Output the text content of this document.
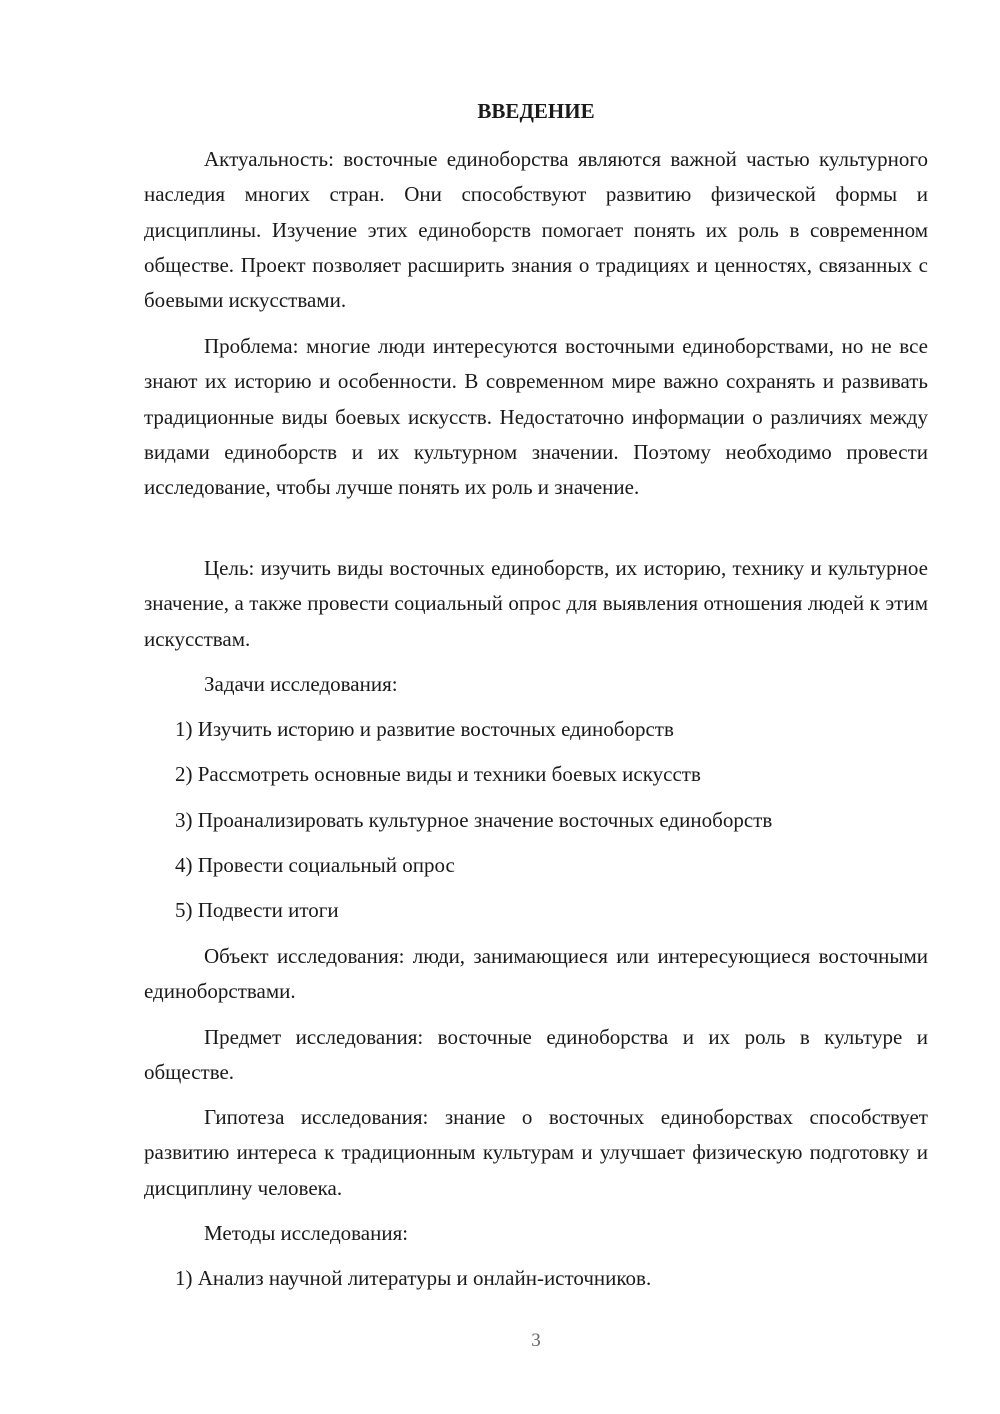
ВВЕДЕНИЕ

Актуальность: восточные единоборства являются важной частью культурного наследия многих стран. Они способствуют развитию физической формы и дисциплины. Изучение этих единоборств помогает понять их роль в современном обществе. Проект позволяет расширить знания о традициях и ценностях, связанных с боевыми искусствами.

Проблема: многие люди интересуются восточными единоборствами, но не все знают их историю и особенности. В современном мире важно сохранять и развивать традиционные виды боевых искусств. Недостаточно информации о различиях между видами единоборств и их культурном значении. Поэтому необходимо провести исследование, чтобы лучше понять их роль и значение.

Цель: изучить виды восточных единоборств, их историю, технику и культурное значение, а также провести социальный опрос для выявления отношения людей к этим искусствам.

Задачи исследования:

1) Изучить историю и развитие восточных единоборств

2) Рассмотреть основные виды и техники боевых искусств

3) Проанализировать культурное значение восточных единоборств

4) Провести социальный опрос

5) Подвести итоги

Объект исследования: люди, занимающиеся или интересующиеся восточными единоборствами.

Предмет исследования: восточные единоборства и их роль в культуре и обществе.

Гипотеза исследования: знание о восточных единоборствах способствует развитию интереса к традиционным культурам и улучшает физическую подготовку и дисциплину человека.

Методы исследования:

1) Анализ научной литературы и онлайн-источников.

3
